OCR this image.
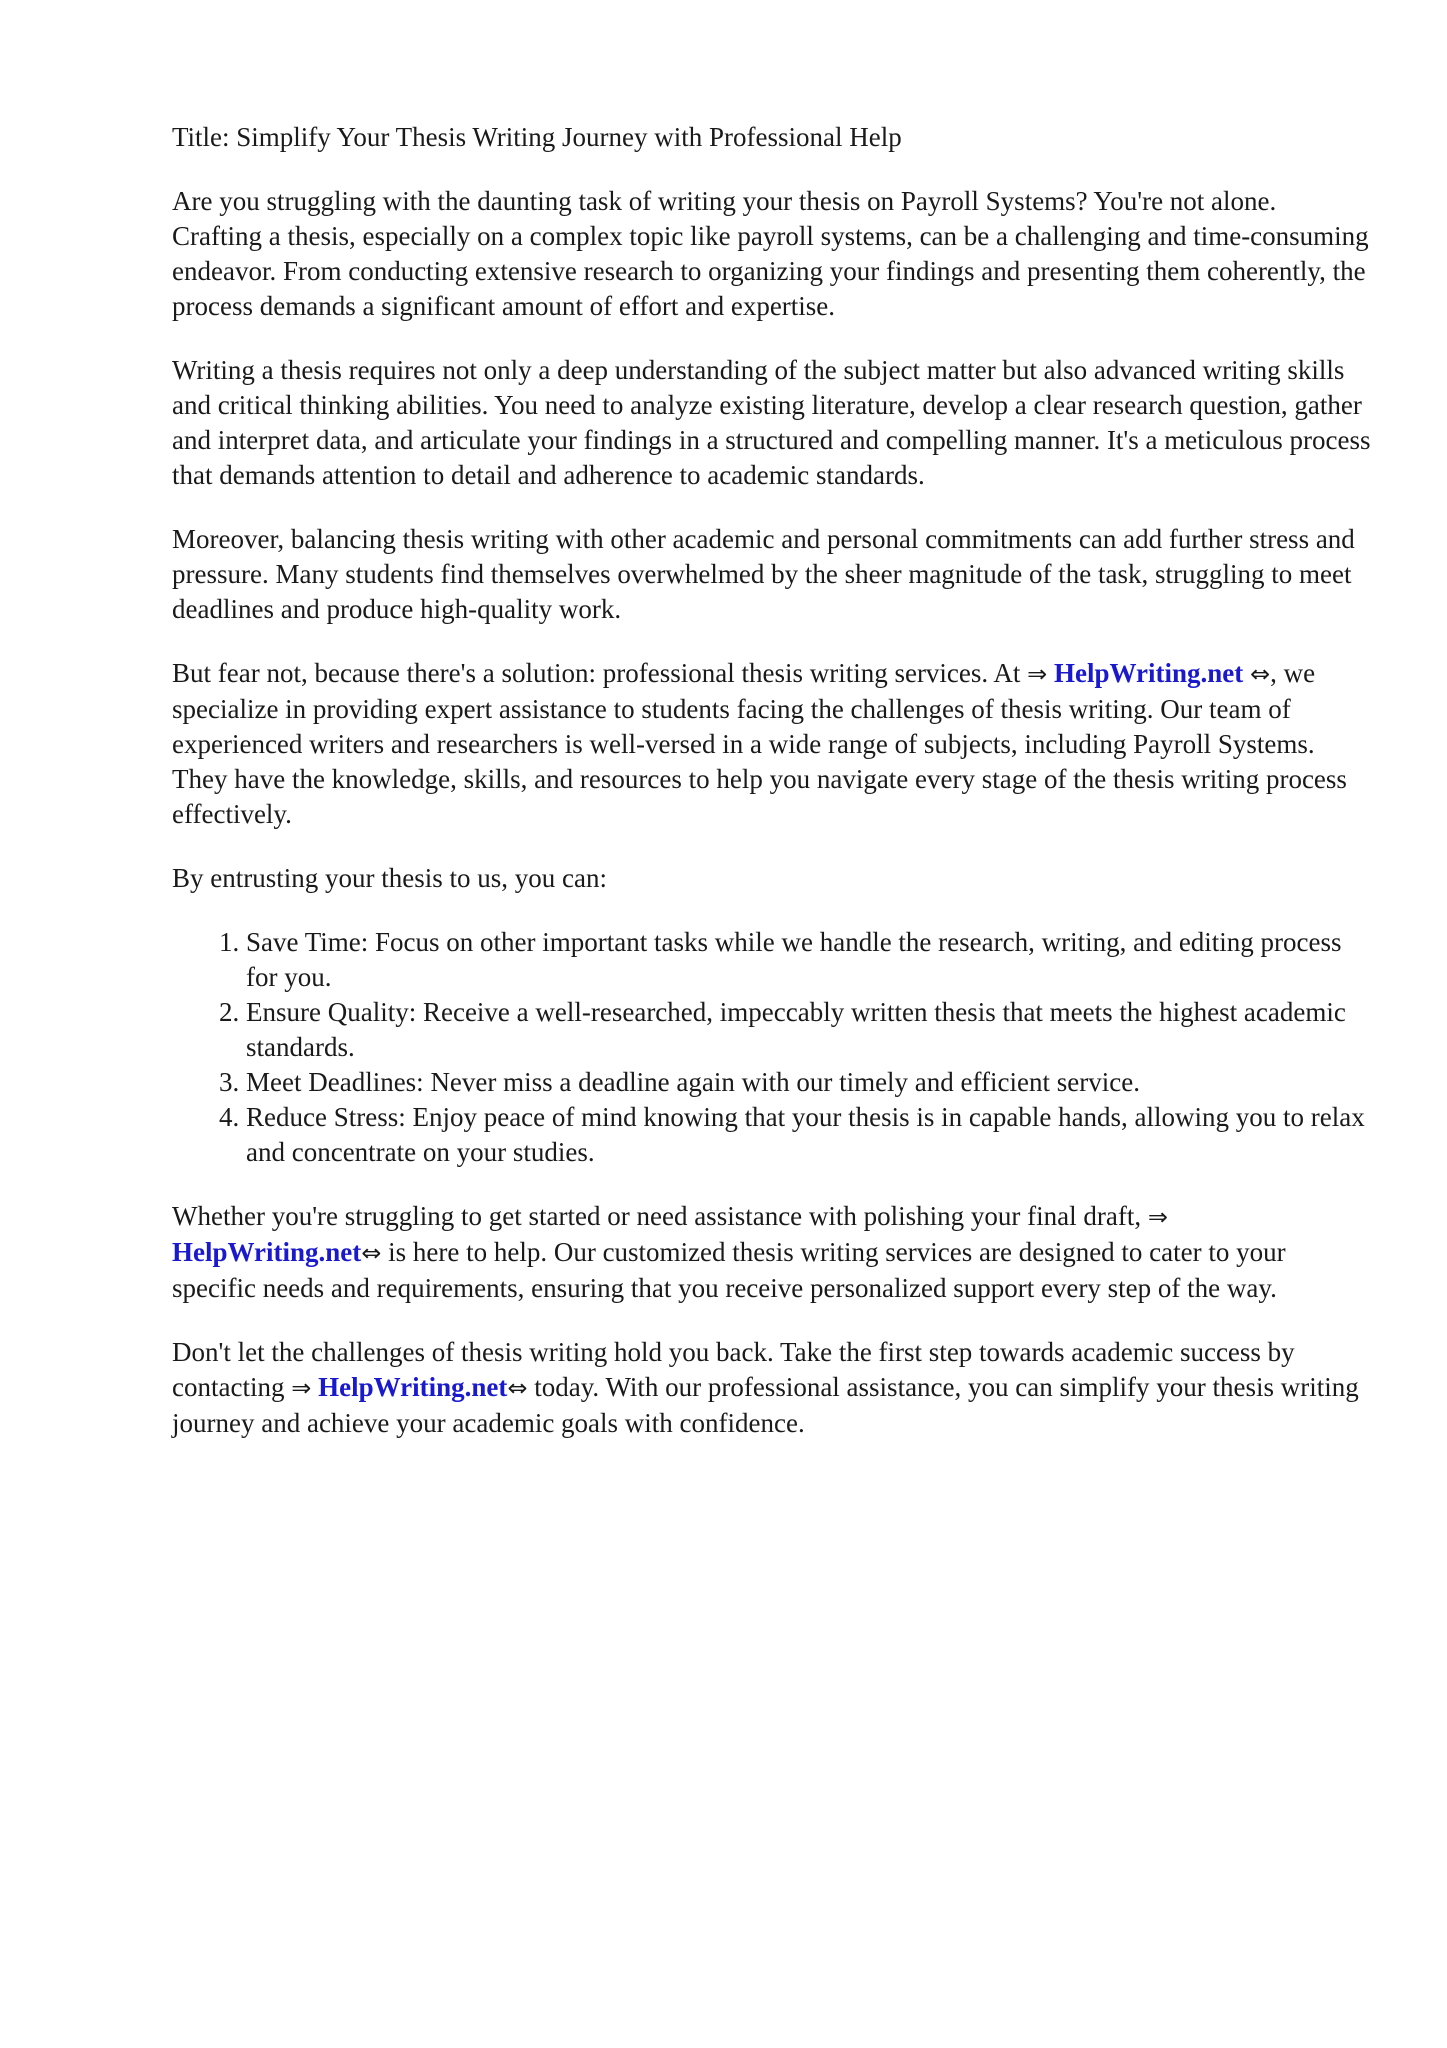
Title: Simplify Your Thesis Writing Journey with Professional Help

Are you struggling with the daunting task of writing your thesis on Payroll Systems? You're not alone. Crafting a thesis, especially on a complex topic like payroll systems, can be a challenging and time-consuming endeavor. From conducting extensive research to organizing your findings and presenting them coherently, the process demands a significant amount of effort and expertise.

Writing a thesis requires not only a deep understanding of the subject matter but also advanced writing skills and critical thinking abilities. You need to analyze existing literature, develop a clear research question, gather and interpret data, and articulate your findings in a structured and compelling manner. It's a meticulous process that demands attention to detail and adherence to academic standards.

Moreover, balancing thesis writing with other academic and personal commitments can add further stress and pressure. Many students find themselves overwhelmed by the sheer magnitude of the task, struggling to meet deadlines and produce high-quality work.

But fear not, because there's a solution: professional thesis writing services. At ⇒ HelpWriting.net ⇔, we specialize in providing expert assistance to students facing the challenges of thesis writing. Our team of experienced writers and researchers is well-versed in a wide range of subjects, including Payroll Systems. They have the knowledge, skills, and resources to help you navigate every stage of the thesis writing process effectively.

By entrusting your thesis to us, you can:

1. Save Time: Focus on other important tasks while we handle the research, writing, and editing process for you.
2. Ensure Quality: Receive a well-researched, impeccably written thesis that meets the highest academic standards.
3. Meet Deadlines: Never miss a deadline again with our timely and efficient service.
4. Reduce Stress: Enjoy peace of mind knowing that your thesis is in capable hands, allowing you to relax and concentrate on your studies.

Whether you're struggling to get started or need assistance with polishing your final draft, ⇒ HelpWriting.net⇔ is here to help. Our customized thesis writing services are designed to cater to your specific needs and requirements, ensuring that you receive personalized support every step of the way.

Don't let the challenges of thesis writing hold you back. Take the first step towards academic success by contacting ⇒ HelpWriting.net⇔ today. With our professional assistance, you can simplify your thesis writing journey and achieve your academic goals with confidence.
